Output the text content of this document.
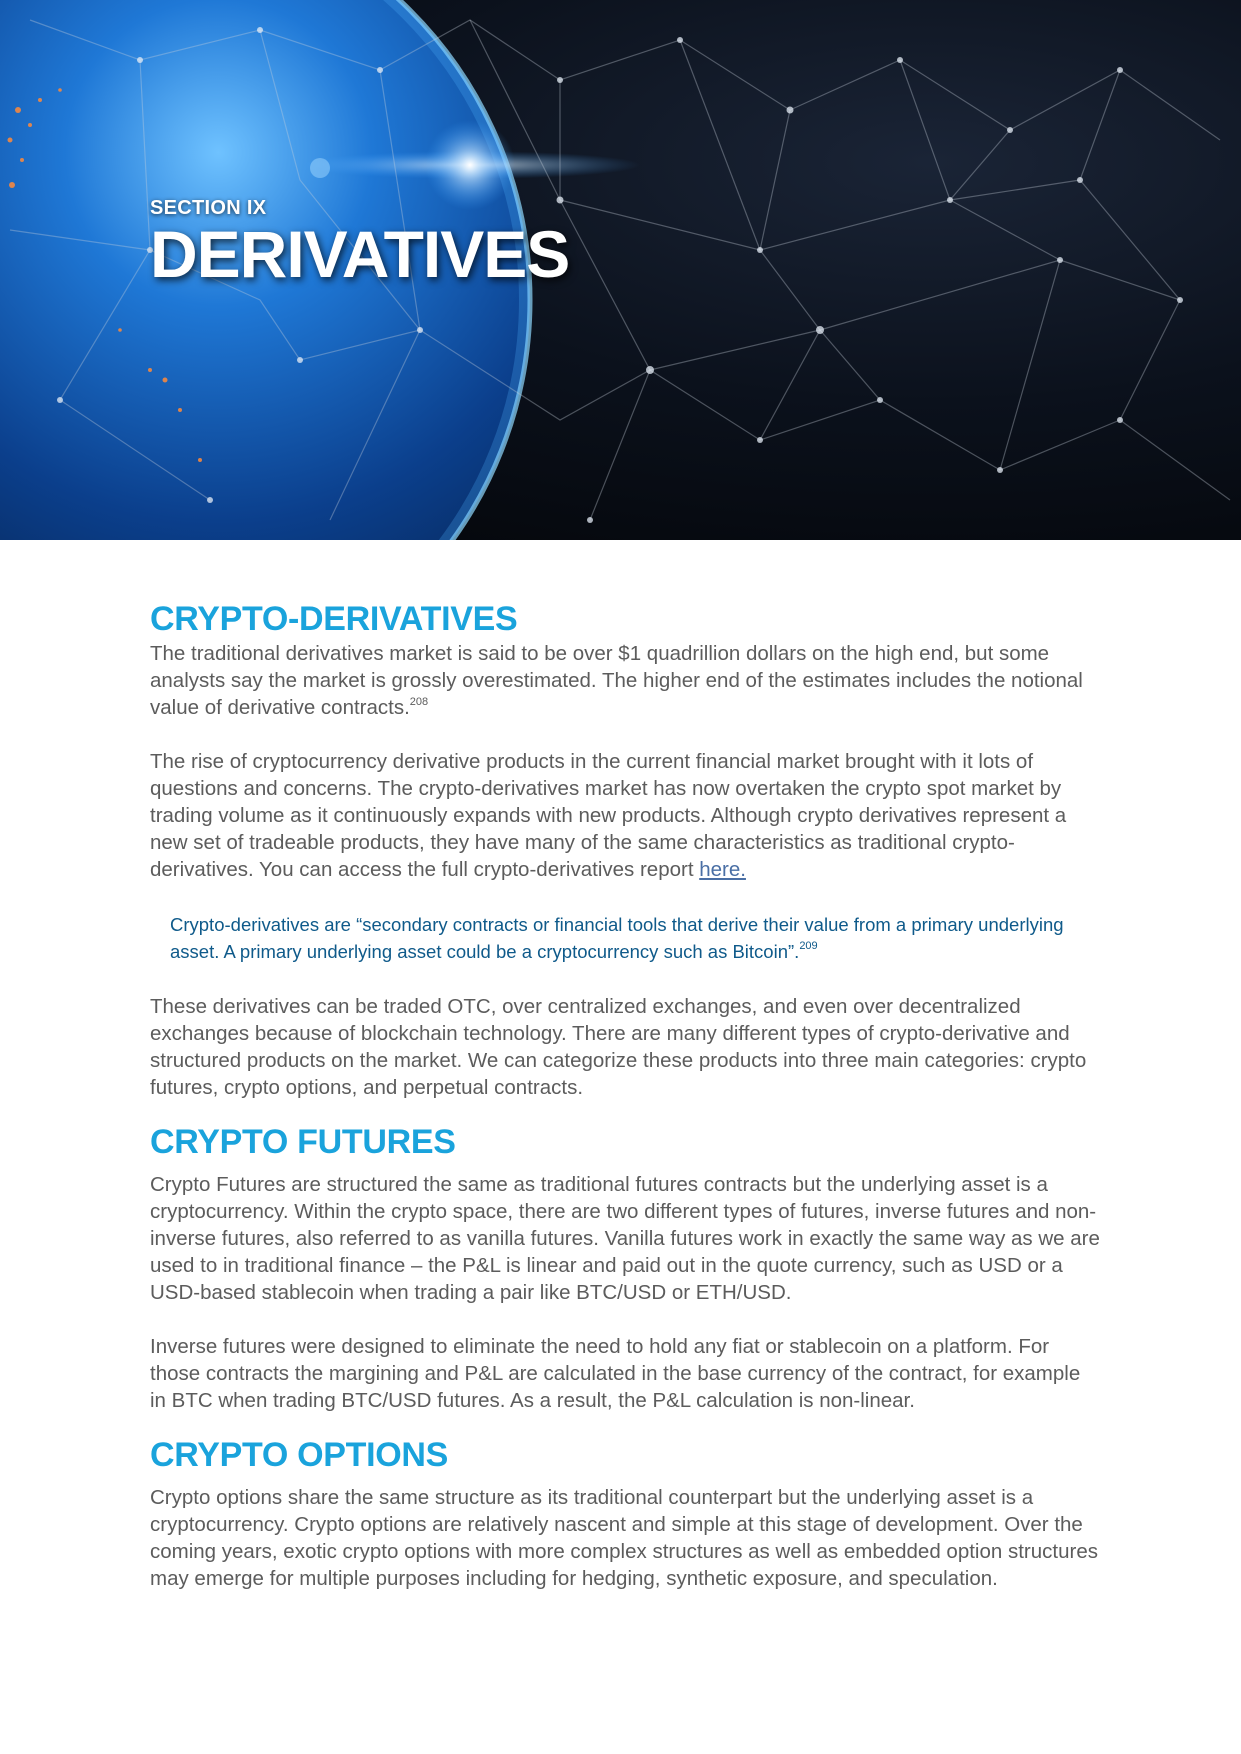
SECTION IX
DERIVATIVES
CRYPTO-DERIVATIVES

The traditional derivatives market is said to be over $1 quadrillion dollars on the high end, but some analysts say the market is grossly overestimated. The higher end of the estimates includes the notional value of derivative contracts.$^{208}$

The rise of cryptocurrency derivative products in the current financial market brought with it lots of questions and concerns. The crypto-derivatives market has now overtaken the crypto spot market by trading volume as it continuously expands with new products. Although crypto derivatives represent a new set of tradeable products, they have many of the same characteristics as traditional crypto-derivatives. You can access the full crypto-derivatives report here.

Crypto-derivatives are “secondary contracts or financial tools that derive their value from a primary underlying asset. A primary underlying asset could be a cryptocurrency such as Bitcoin”.$^{209}$

These derivatives can be traded OTC, over centralized exchanges, and even over decentralized exchanges because of blockchain technology. There are many different types of crypto-derivative and structured products on the market. We can categorize these products into three main categories: crypto futures, crypto options, and perpetual contracts.

CRYPTO FUTURES

Crypto Futures are structured the same as traditional futures contracts but the underlying asset is a cryptocurrency. Within the crypto space, there are two different types of futures, inverse futures and non-inverse futures, also referred to as vanilla futures. Vanilla futures work in exactly the same way as we are used to in traditional finance – the P&L is linear and paid out in the quote currency, such as USD or a USD-based stablecoin when trading a pair like BTC/USD or ETH/USD.

Inverse futures were designed to eliminate the need to hold any fiat or stablecoin on a platform. For those contracts the margining and P&L are calculated in the base currency of the contract, for example in BTC when trading BTC/USD futures. As a result, the P&L calculation is non-linear.

CRYPTO OPTIONS

Crypto options share the same structure as its traditional counterpart but the underlying asset is a cryptocurrency. Crypto options are relatively nascent and simple at this stage of development. Over the coming years, exotic crypto options with more complex structures as well as embedded option structures may emerge for multiple purposes including for hedging, synthetic exposure, and speculation.
